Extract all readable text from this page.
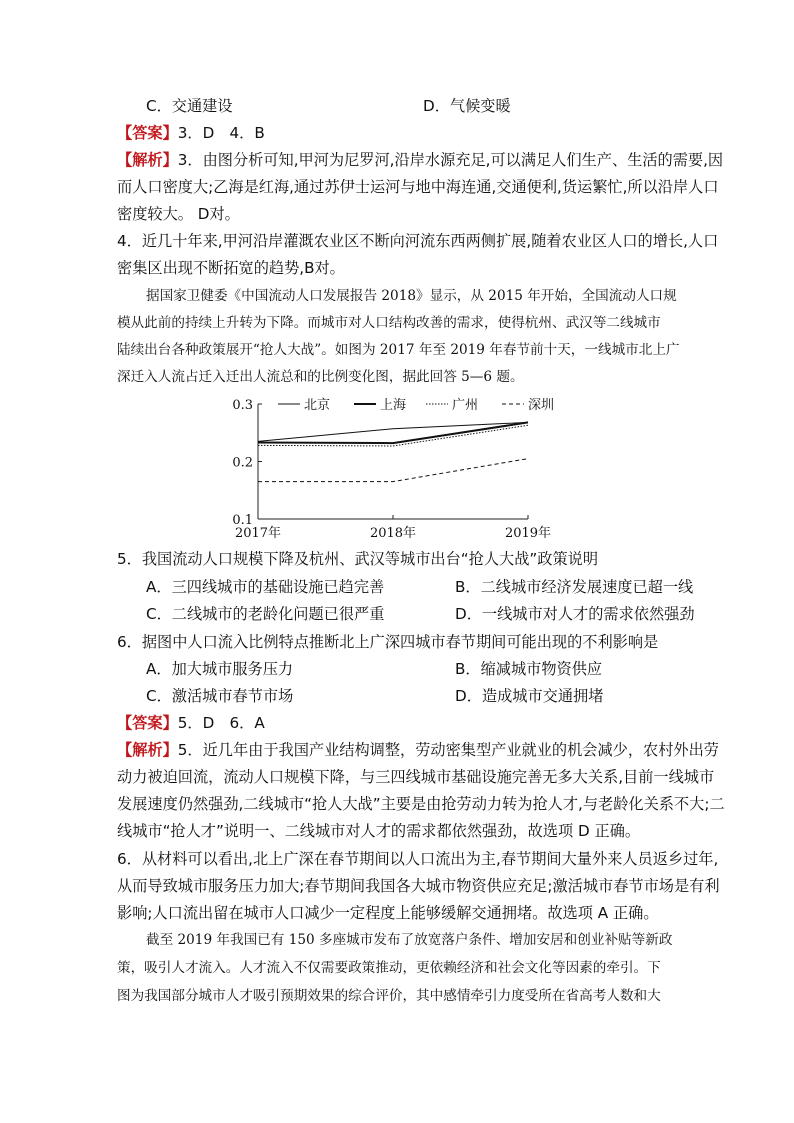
C．交通建设	D．气候变暖
【答案】3．D　4．B
【解析】3．由图分析可知,甲河为尼罗河,沿岸水源充足,可以满足人们生产、生活的需要,因
而人口密度大;乙海是红海,通过苏伊士运河与地中海连通,交通便利,货运繁忙,所以沿岸人口
密度较大。 D对。
4．近几十年来,甲河沿岸灌溉农业区不断向河流东西两侧扩展,随着农业区人口的增长,人口
密集区出现不断拓宽的趋势,B对。
据国家卫健委《中国流动人口发展报告 2018》显示，从 2015 年开始，全国流动人口规
模从此前的持续上升转为下降。而城市对人口结构改善的需求，使得杭州、武汉等二线城市
陆续出台各种政策展开“抢人大战”。如图为 2017 年至 2019 年春节前十天，一线城市北上广
深迁入人流占迁入迁出人流总和的比例变化图，据此回答 5—6 题。
0.3
0.2
0.1
2017年	2018年	2019年
北京	上海	广州	深圳
5．我国流动人口规模下降及杭州、武汉等城市出台“抢人大战”政策说明
A．三四线城市的基础设施已趋完善	B．二线城市经济发展速度已超一线
C．二线城市的老龄化问题已很严重	D．一线城市对人才的需求依然强劲
6．据图中人口流入比例特点推断北上广深四城市春节期间可能出现的不利影响是
A．加大城市服务压力	B．缩减城市物资供应
C．激活城市春节市场	D．造成城市交通拥堵
【答案】5．D　6．A
【解析】5．近几年由于我国产业结构调整，劳动密集型产业就业的机会减少，农村外出劳
动力被迫回流，流动人口规模下降，与三四线城市基础设施完善无多大关系,目前一线城市
发展速度仍然强劲,二线城市“抢人大战”主要是由抢劳动力转为抢人才,与老龄化关系不大;二
线城市“抢人才”说明一、二线城市对人才的需求都依然强劲，故选项 D 正确。
6．从材料可以看出,北上广深在春节期间以人口流出为主,春节期间大量外来人员返乡过年,
从而导致城市服务压力加大;春节期间我国各大城市物资供应充足;激活城市春节市场是有利
影响;人口流出留在城市人口减少一定程度上能够缓解交通拥堵。故选项 A 正确。
截至 2019 年我国已有 150 多座城市发布了放宽落户条件、增加安居和创业补贴等新政
策，吸引人才流入。人才流入不仅需要政策推动，更依赖经济和社会文化等因素的牵引。下
图为我国部分城市人才吸引预期效果的综合评价，其中感情牵引力度受所在省高考人数和大
